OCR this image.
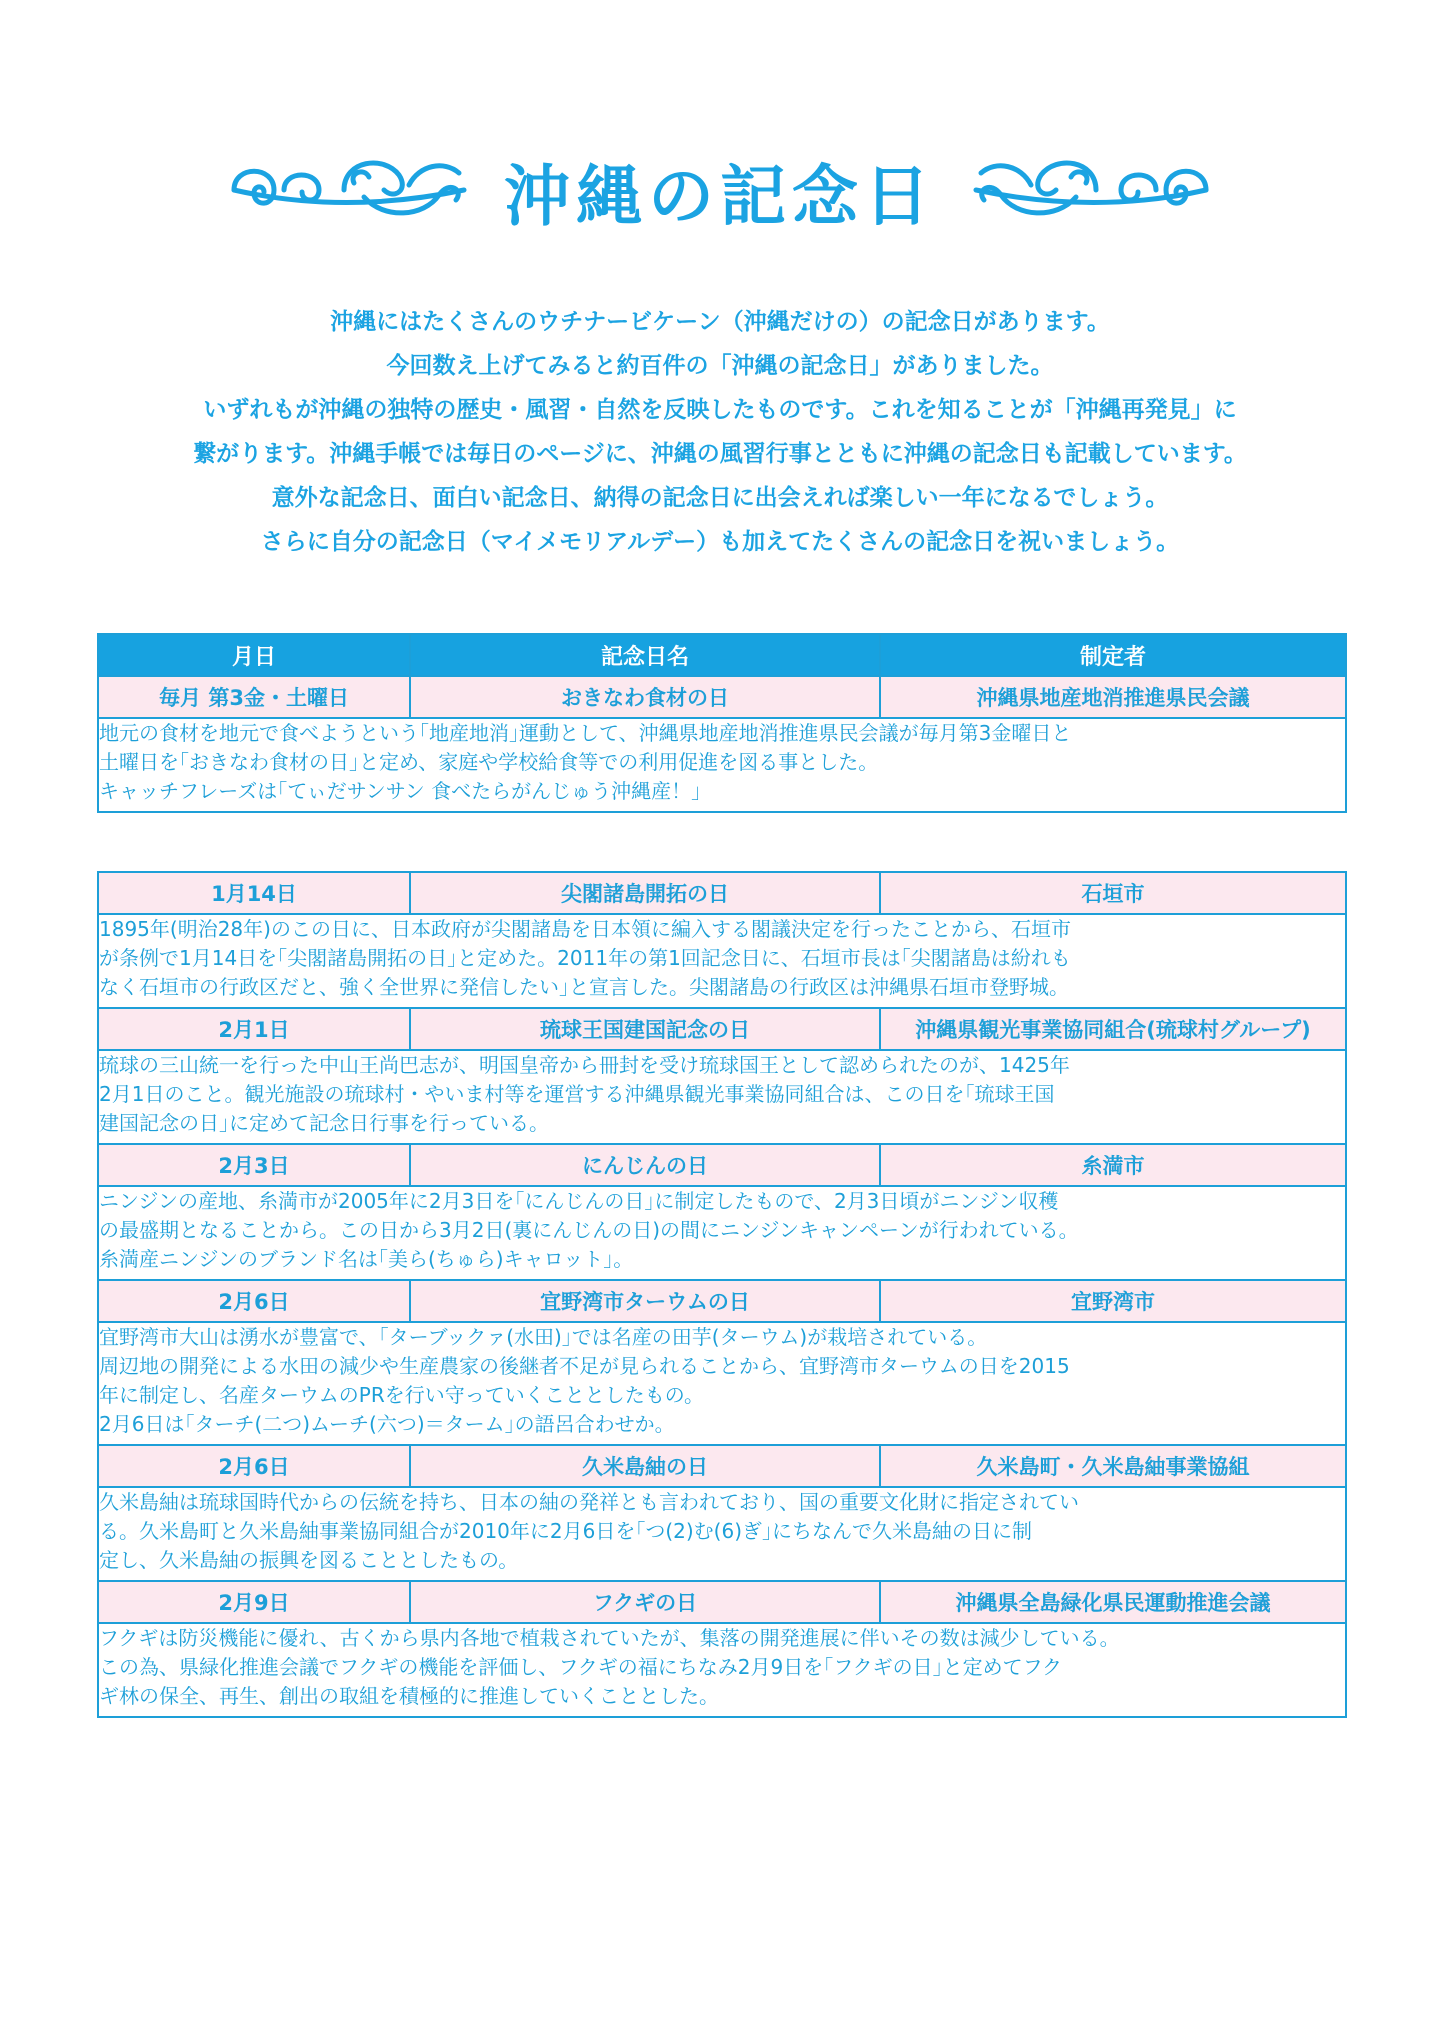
沖縄の記念日

沖縄にはたくさんのウチナービケーン（沖縄だけの）の記念日があります。

今回数え上げてみると約百件の「沖縄の記念日」がありました。

いずれもが沖縄の独特の歴史・風習・自然を反映したものです。これを知ることが「沖縄再発見」に

繋がります。沖縄手帳では毎日のページに、沖縄の風習行事とともに沖縄の記念日も記載しています。

意外な記念日、面白い記念日、納得の記念日に出会えれば楽しい一年になるでしょう。

さらに自分の記念日（マイメモリアルデー）も加えてたくさんの記念日を祝いましょう。

月日	記念日名	制定者
毎月 第3金・土曜日	おきなわ食材の日	沖縄県地産地消推進県民会議

地元の食材を地元で食べようという｢地産地消｣運動として、沖縄県地産地消推進県民会議が毎月第3金曜日と

土曜日を｢おきなわ食材の日｣と定め、家庭や学校給食等での利用促進を図る事とした。

キャッチフレーズは｢てぃだサンサン 食べたらがんじゅう沖縄産！｣		

1月14日	尖閣諸島開拓の日	石垣市

1895年(明治28年)のこの日に、日本政府が尖閣諸島を日本領に編入する閣議決定を行ったことから、石垣市

が条例で1月14日を｢尖閣諸島開拓の日｣と定めた。2011年の第1回記念日に、石垣市長は｢尖閣諸島は紛れも

なく石垣市の行政区だと、強く全世界に発信したい｣と宣言した。尖閣諸島の行政区は沖縄県石垣市登野城。		

2月1日	琉球王国建国記念の日	沖縄県観光事業協同組合(琉球村グループ)

琉球の三山統一を行った中山王尚巴志が、明国皇帝から冊封を受け琉球国王として認められたのが、1425年

2月1日のこと。観光施設の琉球村・やいま村等を運営する沖縄県観光事業協同組合は、この日を｢琉球王国

建国記念の日｣に定めて記念日行事を行っている。		

2月3日	にんじんの日	糸満市

ニンジンの産地、糸満市が2005年に2月3日を｢にんじんの日｣に制定したもので、2月3日頃がニンジン収穫

の最盛期となることから。この日から3月2日(裏にんじんの日)の間にニンジンキャンペーンが行われている。

糸満産ニンジンのブランド名は｢美ら(ちゅら)キャロット｣。		

2月6日	宜野湾市ターウムの日	宜野湾市

宜野湾市大山は湧水が豊富で、｢ターブックァ(水田)｣では名産の田芋(ターウム)が栽培されている。

周辺地の開発による水田の減少や生産農家の後継者不足が見られることから、宜野湾市ターウムの日を2015

年に制定し、名産ターウムのPRを行い守っていくこととしたもの。

2月6日は｢ターチ(二つ)ムーチ(六つ)＝ターム｣の語呂合わせか。		

2月6日	久米島紬の日	久米島町・久米島紬事業協組

久米島紬は琉球国時代からの伝統を持ち、日本の紬の発祥とも言われており、国の重要文化財に指定されてい

る。久米島町と久米島紬事業協同組合が2010年に2月6日を｢つ(2)む(6)ぎ｣にちなんで久米島紬の日に制

定し、久米島紬の振興を図ることとしたもの。		

2月9日	フクギの日	沖縄県全島緑化県民運動推進会議

フクギは防災機能に優れ、古くから県内各地で植栽されていたが、集落の開発進展に伴いその数は減少している。

この為、県緑化推進会議でフクギの機能を評価し、フクギの福にちなみ2月9日を｢フクギの日｣と定めてフク

ギ林の保全、再生、創出の取組を積極的に推進していくこととした。		
